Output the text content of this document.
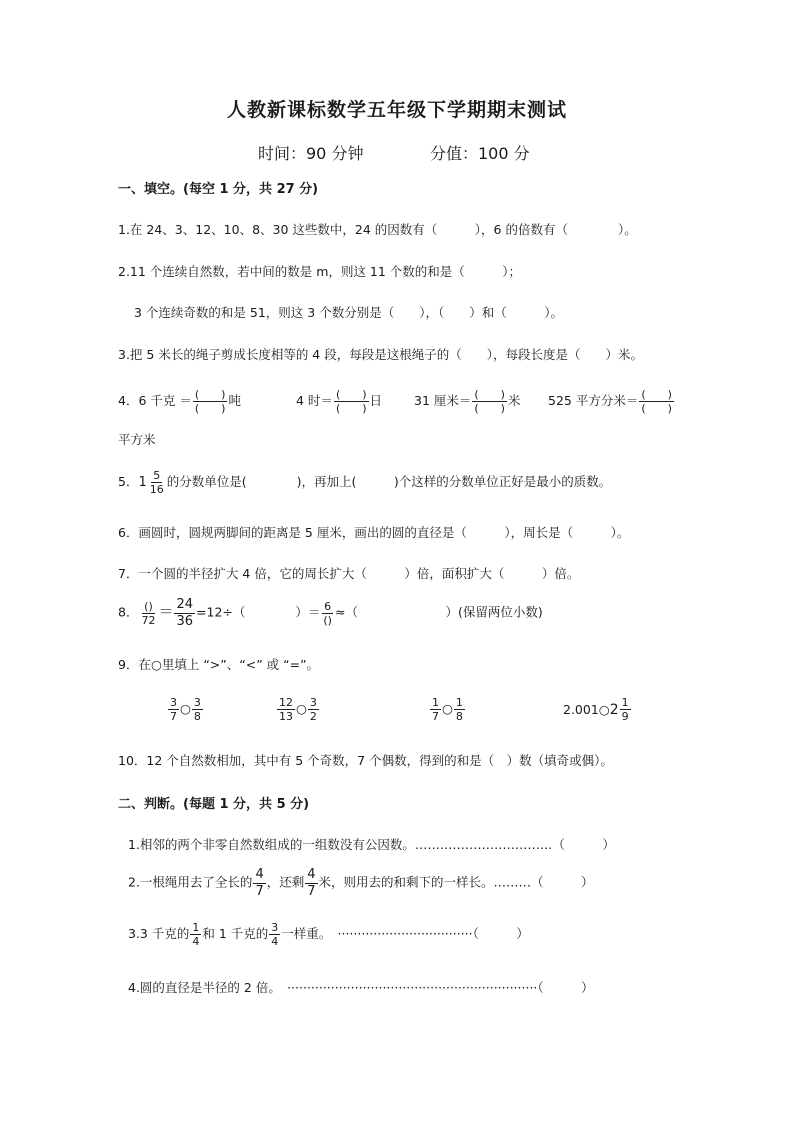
人教新课标数学五年级下学期期末测试
时间：90 分钟	分值：100 分
一、填空。(每空 1 分，共 27 分)
1.在 24、3、12、10、8、30 这些数中，24 的因数有（　　　），6 的倍数有（　　　　）。
2.11 个连续自然数，若中间的数是 m，则这 11 个数的和是（　　　）；
3 个连续奇数的和是 51，则这 3 个数分别是（　　），（　　）和（　　　）。
3.把 5 米长的绳子剪成长度相等的 4 段，每段是这根绳子的（　　），每段长度是（　　）米。
4．6 千克 ＝ $\frac{( )}{( )}$ 吨	4 时＝ $\frac{( )}{( )}$ 日	31 厘米＝ $\frac{( )}{( )}$ 米 525 平方分米＝ $\frac{( )}{( )}$
平方米
5． $1 \frac{5}{16}$ 的分数单位是(　　　　)，再加上(　　　)个这样的分数单位正好是最小的质数。
6．画圆时，圆规两脚间的距离是 5 厘米，画出的圆的直径是（　　　），周长是（　　　）。
7．一个圆的半径扩大 4 倍，它的周长扩大（　　　）倍，面积扩大（　　　）倍。
8． $\frac{()}{72} = \frac{24}{36} =12\div$（　　　　）＝ $\frac{6}{()}$ ≈（　　　　　　　）(保留两位小数)
9．在○里填上 “>”、“<” 或 “=”。
$\frac{3}{7}$ ○ $\frac{3}{8}$	$\frac{12}{13}$ ○ $\frac{3}{2}$	$\frac{1}{7}$ ○ $\frac{1}{8}$	2.001○ $2 \frac{1}{9}$
10．12 个自然数相加，其中有 5 个奇数，7 个偶数，得到的和是（　）数（填奇或偶）。
二、判断。(每题 1 分，共 5 分)
1.相邻的两个非零自然数组成的一组数没有公因数。……………………………（　　　）
2.一根绳用去了全长的 $\frac{4}{7}$ ，还剩 $\frac{4}{7}$ 米，则用去的和剩下的一样长。………（　　　）
3.3 千克的 $\frac{1}{4}$ 和 1 千克的 $\frac{3}{4}$ 一样重。　··································（　　　）
4.圆的直径是半径的 2 倍。　·······························································（　　　）
